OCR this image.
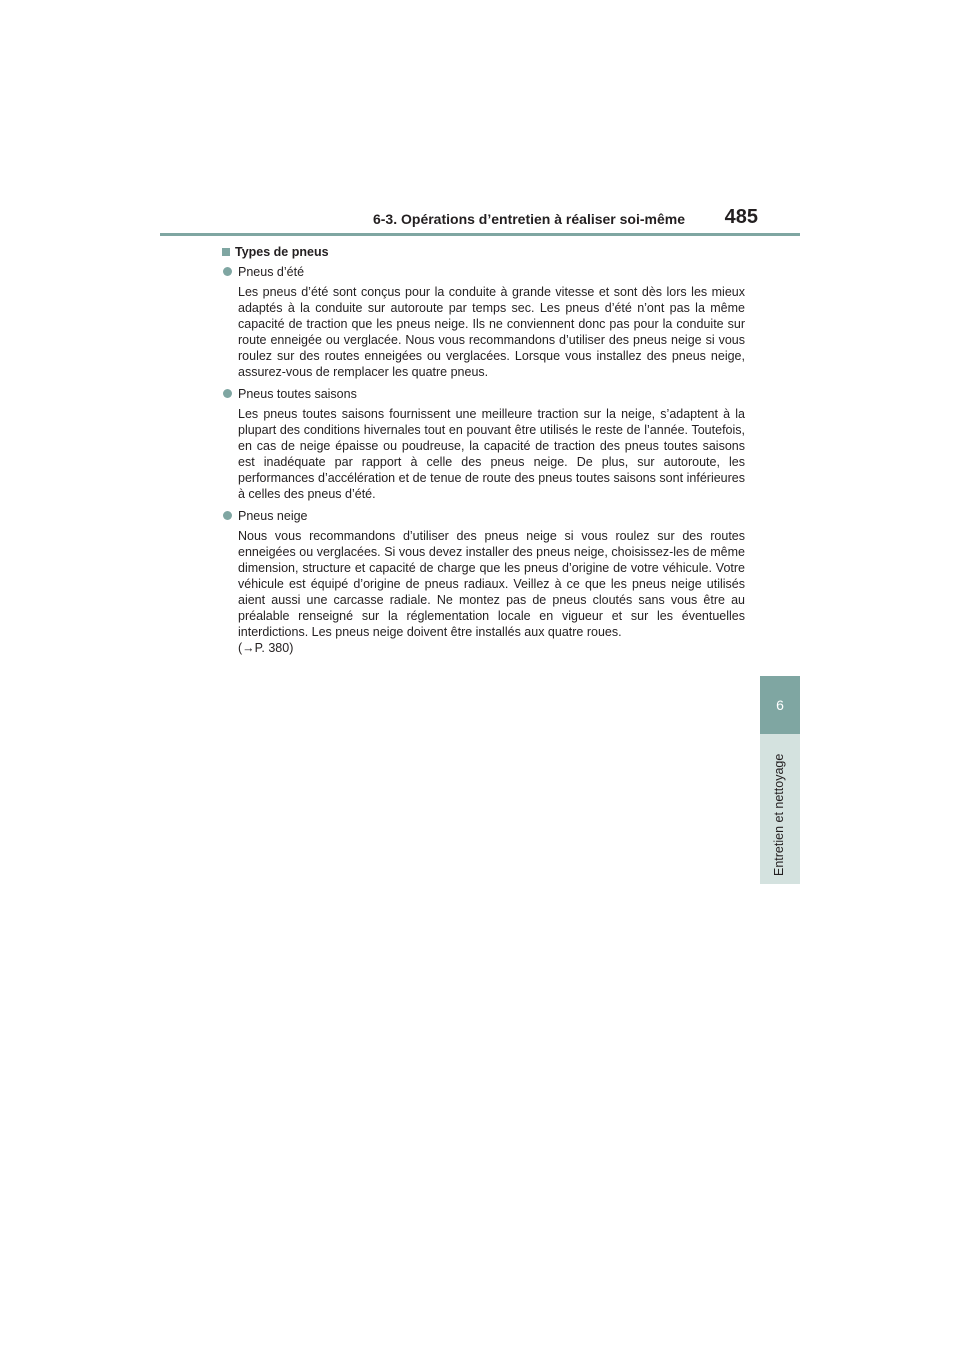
6-3. Opérations d’entretien à réaliser soi-même 485
6
Entretien et nettoyage
Types de pneus
Pneus d’été
Les pneus d’été sont conçus pour la conduite à grande vitesse et sont dès lors les mieux adaptés à la conduite sur autoroute par temps sec. Les pneus d’été n’ont pas la même capacité de traction que les pneus neige. Ils ne conviennent donc pas pour la conduite sur route enneigée ou verglacée. Nous vous recommandons d’utiliser des pneus neige si vous roulez sur des routes enneigées ou verglacées. Lorsque vous installez des pneus neige, assurez-vous de remplacer les quatre pneus.
Pneus toutes saisons
Les pneus toutes saisons fournissent une meilleure traction sur la neige, s’adaptent à la plupart des conditions hivernales tout en pouvant être utilisés le reste de l’année. Toutefois, en cas de neige épaisse ou poudreuse, la capacité de traction des pneus toutes saisons est inadéquate par rapport à celle des pneus neige. De plus, sur autoroute, les performances d’accélération et de tenue de route des pneus toutes saisons sont inférieures à celles des pneus d’été.
Pneus neige
Nous vous recommandons d’utiliser des pneus neige si vous roulez sur des routes enneigées ou verglacées. Si vous devez installer des pneus neige, choisissez-les de même dimension, structure et capacité de charge que les pneus d’origine de votre véhicule. Votre véhicule est équipé d’origine de pneus radiaux. Veillez à ce que les pneus neige utilisés aient aussi une carcasse radiale. Ne montez pas de pneus cloutés sans vous être au préalable renseigné sur la réglementation locale en vigueur et sur les éventuelles interdictions. Les pneus neige doivent être installés aux quatre roues.
(→P. 380)
